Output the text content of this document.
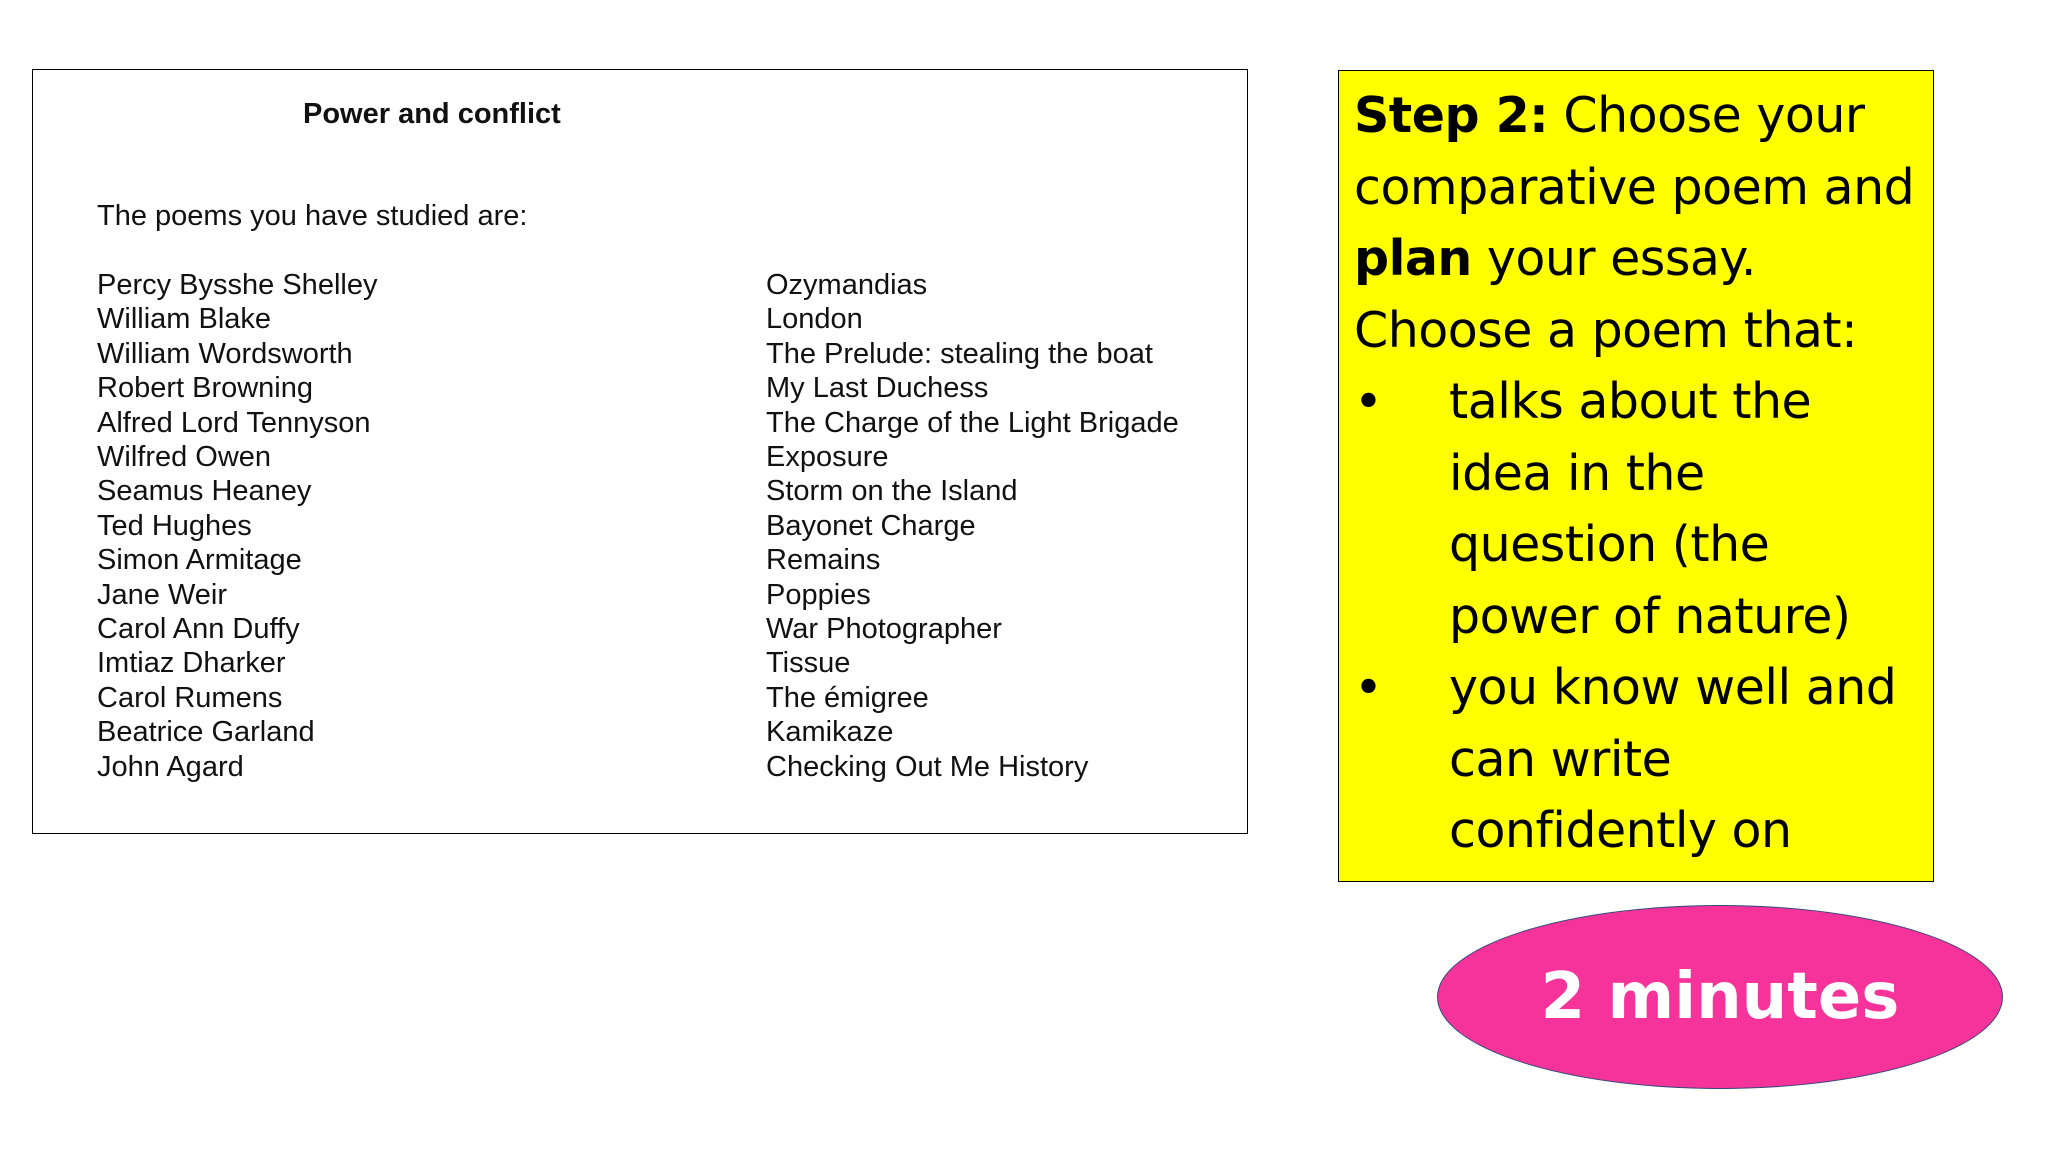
Power and conflict

The poems you have studied are:

Percy Bysshe Shelley
William Blake
William Wordsworth
Robert Browning
Alfred Lord Tennyson
Wilfred Owen
Seamus Heaney
Ted Hughes
Simon Armitage
Jane Weir
Carol Ann Duffy
Imtiaz Dharker
Carol Rumens
Beatrice Garland
John Agard
Ozymandias
London
The Prelude: stealing the boat
My Last Duchess
The Charge of the Light Brigade
Exposure
Storm on the Island
Bayonet Charge
Remains
Poppies
War Photographer
Tissue
The émigree
Kamikaze
Checking Out Me History

Step 2: Choose your comparative poem and plan your essay.

Choose a poem that:

• talks about the idea in the question (the power of nature)
• you know well and can write confidently on
2 minutes
